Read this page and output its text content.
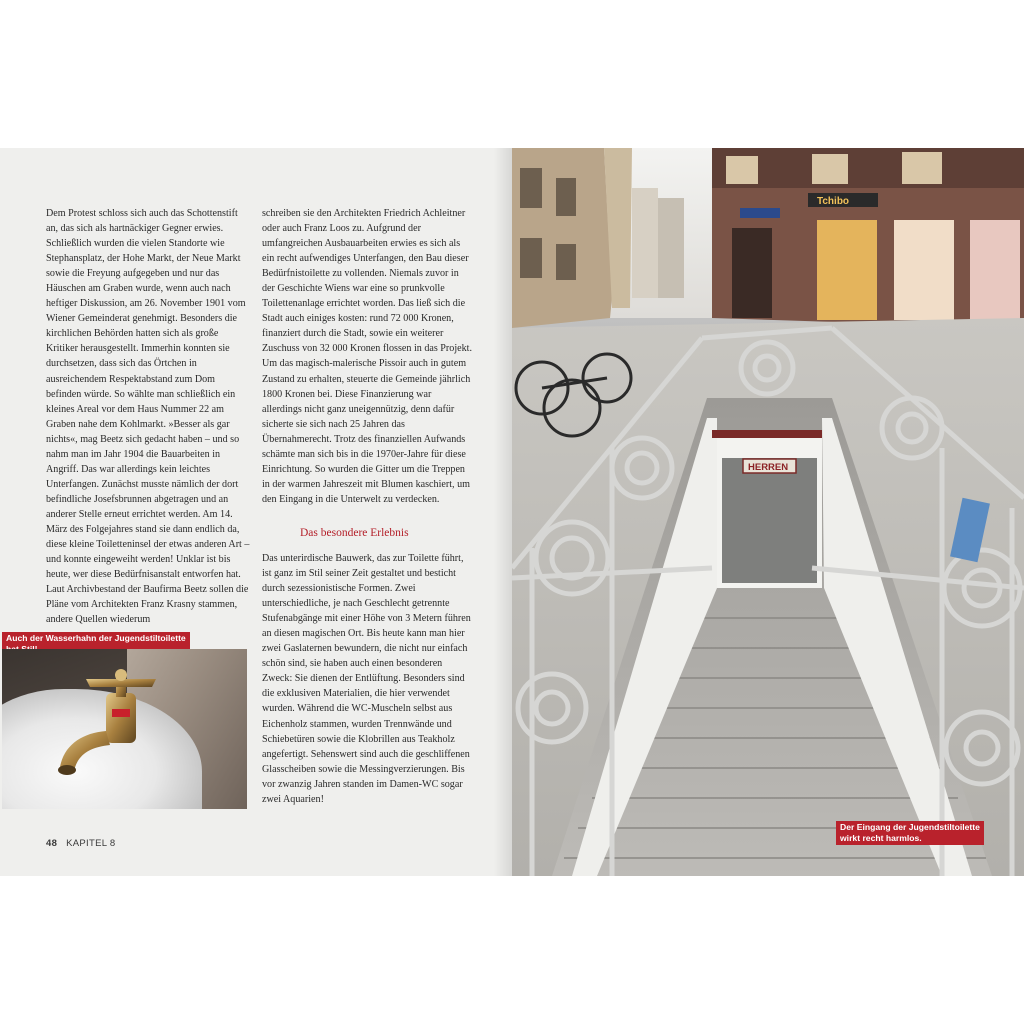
Dem Protest schloss sich auch das Schottenstift an, das sich als hartnäckiger Gegner erwies. Schließlich wurden die vielen Standorte wie Stephansplatz, der Hohe Markt, der Neue Markt sowie die Freyung aufgegeben und nur das Häuschen am Graben wurde, wenn auch nach heftiger Diskussion, am 26. November 1901 vom Wiener Gemeinderat genehmigt. Besonders die kirchlichen Behörden hatten sich als große Kritiker herausgestellt. Immerhin konnten sie durchsetzen, dass sich das Örtchen in ausreichendem Respektabstand zum Dom befinden würde. So wählte man schließlich ein kleines Areal vor dem Haus Nummer 22 am Graben nahe dem Kohlmarkt. »Besser als gar nichts«, mag Beetz sich gedacht haben – und so nahm man im Jahr 1904 die Bauarbeiten in Angriff. Das war allerdings kein leichtes Unterfangen. Zunächst musste nämlich der dort befindliche Josefsbrunnen abgetragen und an anderer Stelle erneut errichtet werden. Am 14. März des Folgejahres stand sie dann endlich da, diese kleine Toiletteninsel der etwas anderen Art – und konnte eingeweiht werden! Unklar ist bis heute, wer diese Bedürfnisanstalt entworfen hat. Laut Archivbestand der Baufirma Beetz sollen die Pläne vom Architekten Franz Krasny stammen, andere Quellen wiederum

schreiben sie den Architekten Friedrich Achleitner oder auch Franz Loos zu. Aufgrund der umfangreichen Ausbauarbeiten erwies es sich als ein recht aufwendiges Unterfangen, den Bau dieser Bedürfnistoilette zu vollenden. Niemals zuvor in der Geschichte Wiens war eine so prunkvolle Toilettenanlage errichtet worden. Das ließ sich die Stadt auch einiges kosten: rund 72 000 Kronen, finanziert durch die Stadt, sowie ein weiterer Zuschuss von 32 000 Kronen flossen in das Projekt. Um das magisch-malerische Pissoir auch in gutem Zustand zu erhalten, steuerte die Gemeinde jährlich 1800 Kronen bei. Diese Finanzierung war allerdings nicht ganz uneigennützig, denn dafür sicherte sie sich nach 25 Jahren das Übernahmerecht. Trotz des finanziellen Aufwands schämte man sich bis in die 1970er-Jahre für diese Einrichtung. So wurden die Gitter um die Treppen in der warmen Jahreszeit mit Blumen kaschiert, um den Eingang in die Unterwelt zu verdecken.

Das besondere Erlebnis

Das unterirdische Bauwerk, das zur Toilette führt, ist ganz im Stil seiner Zeit gestaltet und besticht durch sezessionistische Formen. Zwei unterschiedliche, je nach Geschlecht getrennte Stufenabgänge mit einer Höhe von 3 Metern führen an diesen magischen Ort. Bis heute kann man hier zwei Gaslaternen bewundern, die nicht nur einfach schön sind, sie haben auch einen besonderen Zweck: Sie dienen der Entlüftung. Besonders sind die exklusiven Materialien, die hier verwendet wurden. Während die WC-Muscheln selbst aus Eichenholz stammen, wurden Trennwände und Schiebetüren sowie die Klobrillen aus Teakholz angefertigt. Sehenswert sind auch die geschliffenen Glasscheiben sowie die Messingverzierungen. Bis vor zwanzig Jahren standen im Damen-WC sogar zwei Aquarien!

Auch der Wasserhahn der Jugendstiltoilette
48 KAPITEL 8
Tchibo
HERREN
Der Eingang der Jugendstiltoilette
wirkt recht harmlos.
